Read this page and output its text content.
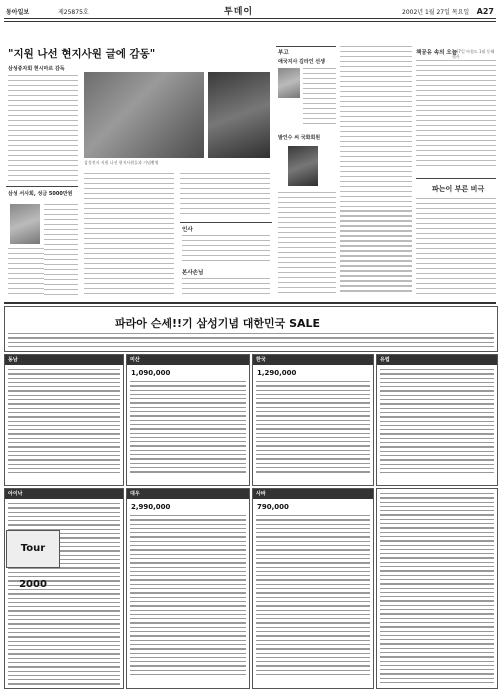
동아일보	제25875호	투데이	2002년 1월 27일 목요일 A27
"지원 나선 현지사원 글에 감동"
삼성중자회 현시마르 감독
삼성전자 지원 나선 현지사원들과 기념촬영
삼성 서사회, 성금 5000만원
인사
본사손님
부고
애국지사 김라인 선생
발인수 씨 국화회원
책공유 속의 오늘
1월7일 아침도 1월 동해 행사
파는이 부른 비극
파라아 슨세!!기 삼성기념 대한민국 SALE
동남	미산
1,090,000
한국
1,290,000
유럽
아이낙	대우
2,990,000
사바
790,000
Tour 2000
